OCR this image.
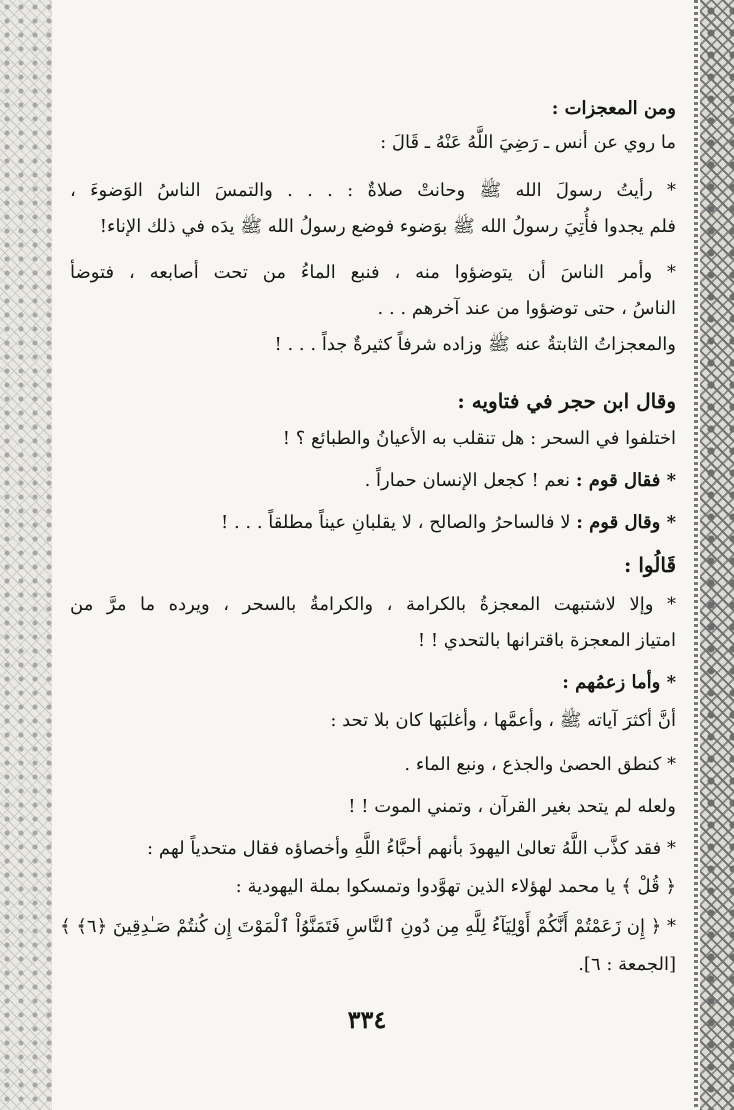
ومن المعجزات :
ما روي عن أنس ـ رَضِيَ اللَّهُ عَنْهُ ـ قَالَ :
* رأيتُ رسولَ الله ﷺ وحانتْ صلاةٌ : . . . والتمسَ الناسُ الوَضوءَ ،
فلم يجدوا فأُتِيَ رسولُ الله ﷺ بوَضوء فوضع رسولُ الله ﷺ يدَه في ذلك الإناء!
* وأمر الناسَ أن يتوضؤوا منه ، فنبع الماءُ من تحت أصابعه ، فتوضأ
الناسُ ، حتى توضؤوا من عند آخرهم . . .
والمعجزاتُ الثابتةُ عنه ﷺ وزاده شرفاً كثيرةٌ جداً . . . !
وقال ابن حجر في فتاويه :
اختلفوا في السحر : هل تنقلب به الأعيانُ والطبائع ؟ !
* فقال قوم : نعم ! كجعل الإنسان حماراً .
* وقال قوم : لا فالساحرُ والصالح ، لا يقلبانِ عيناً مطلقاً . . . !
قَالُوا :
* وإلا لاشتبهت المعجزةُ بالكرامة ، والكرامةُ بالسحر ، ويرده ما مرَّ من
امتياز المعجزة باقترانها بالتحدي ! !
* وأما زعمُهم :
أنَّ أكثرَ آياته ﷺ ، وأعمَّها ، وأغلبَها كان بلا تحد :
* كنطق الحصىٰ والجذع ، ونبع الماء .
ولعله لم يتحد بغير القرآن ، وتمني الموت ! !
* فقد كذَّب اللَّهُ تعالىٰ اليهودَ بأنهم أحبَّاءُ اللَّهِ وأخصاؤه فقال متحدياً لهم :
﴿ قُلْ ﴾ يا محمد لهؤلاء الذين تهوَّدوا وتمسكوا بملة اليهودية :
* ﴿ إِن زَعَمْتُمْ أَنَّكُمْ أَوْلِيَآءُ لِلَّهِ مِن دُونِ ٱلنَّاسِ فَتَمَنَّوُاْ ٱلْمَوْتَ إِن كُنتُمْ صَـٰدِقِينَ ﴿٦﴾ ﴾
[الجمعة : ٦].
٣٣٤
